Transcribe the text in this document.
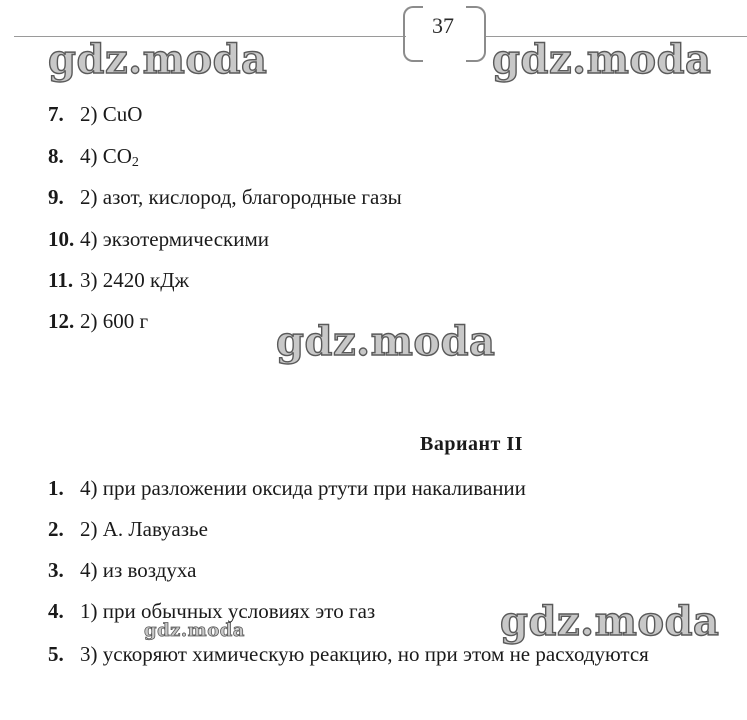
37
gdz.moda	gdz.moda
gdz.moda
gdz.moda
gdz.moda
7. 2) CuO
8. 4) $CO_2$
9. 2) азот, кислород, благородные газы
10. 4) экзотермическими
11. 3) 2420 кДж
12. 2) 600 г
Вариант II
1. 4) при разложении оксида ртути при накаливании
2. 2) А. Лавуазье
3. 4) из воздуха
4. 1) при обычных условиях это газ
5. 3) ускоряют химическую реакцию, но при этом не расходуются
